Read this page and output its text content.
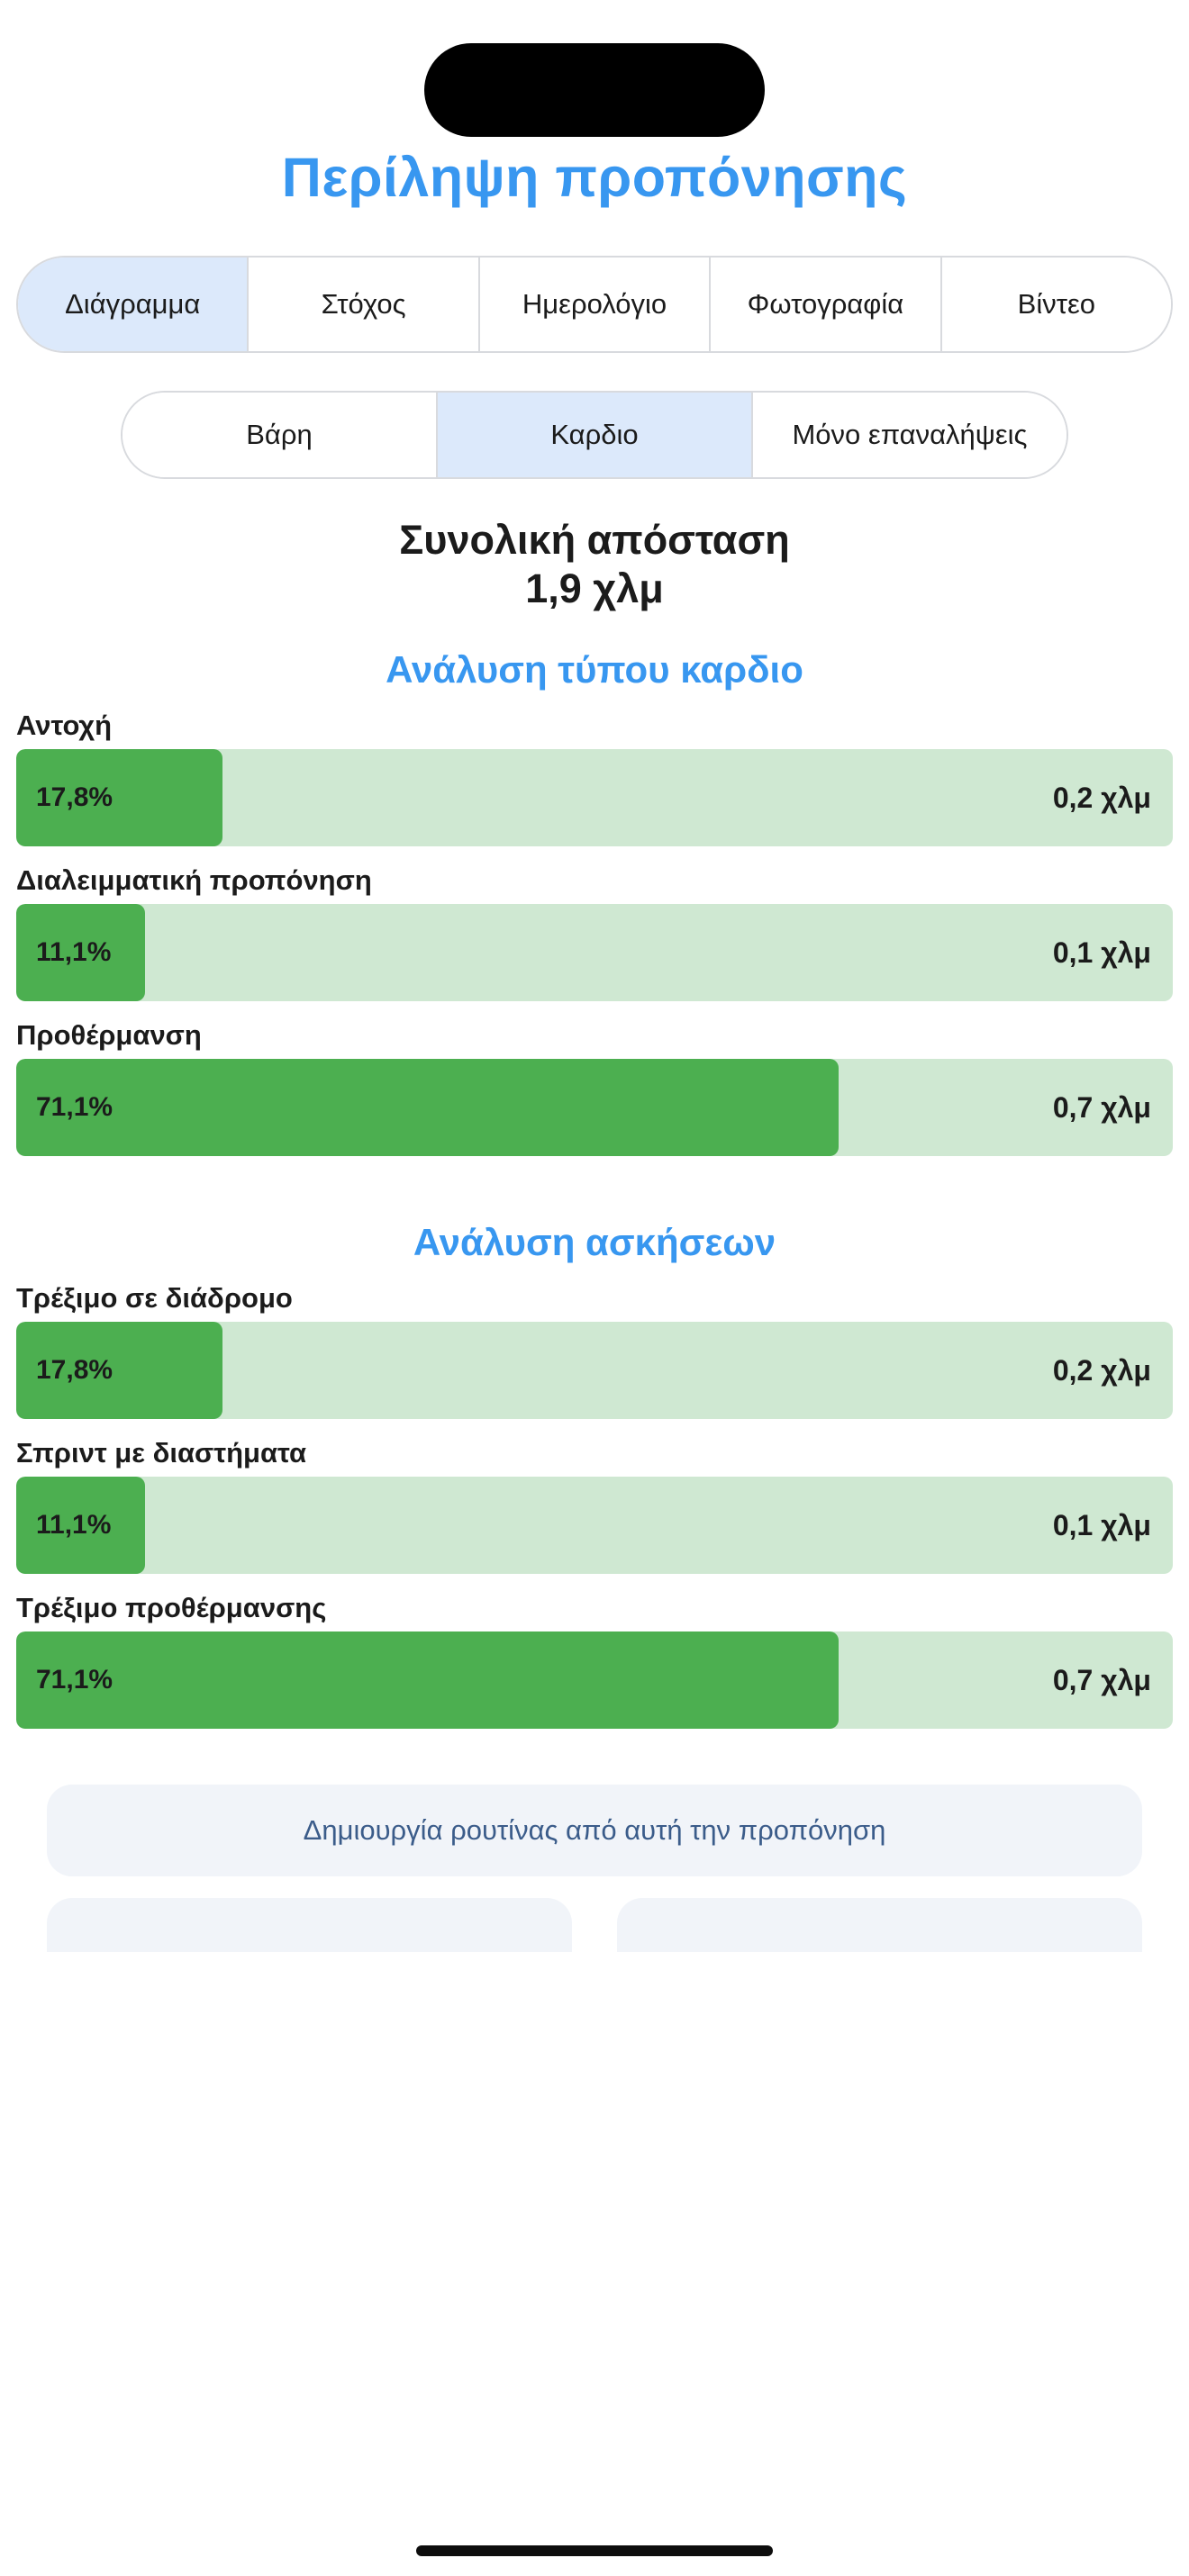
Περίληψη προπόνησης
Διάγραμμα	Στόχος	Ημερολόγιο	Φωτογραφία	Βίντεο
Βάρη	Καρδιο	Μόνο επαναλήψεις
Συνολική απόσταση
1,9 χλμ
Ανάλυση τύπου καρδιο
Αντοχή
17,8%	0,2 χλμ
Διαλειμματική προπόνηση
11,1%	0,1 χλμ
Προθέρμανση
71,1%	0,7 χλμ
Ανάλυση ασκήσεων
Τρέξιμο σε διάδρομο
17,8%	0,2 χλμ
Σπριντ με διαστήματα
11,1%	0,1 χλμ
Τρέξιμο προθέρμανσης
71,1%	0,7 χλμ
Δημιουργία ρουτίνας από αυτή την προπόνηση
